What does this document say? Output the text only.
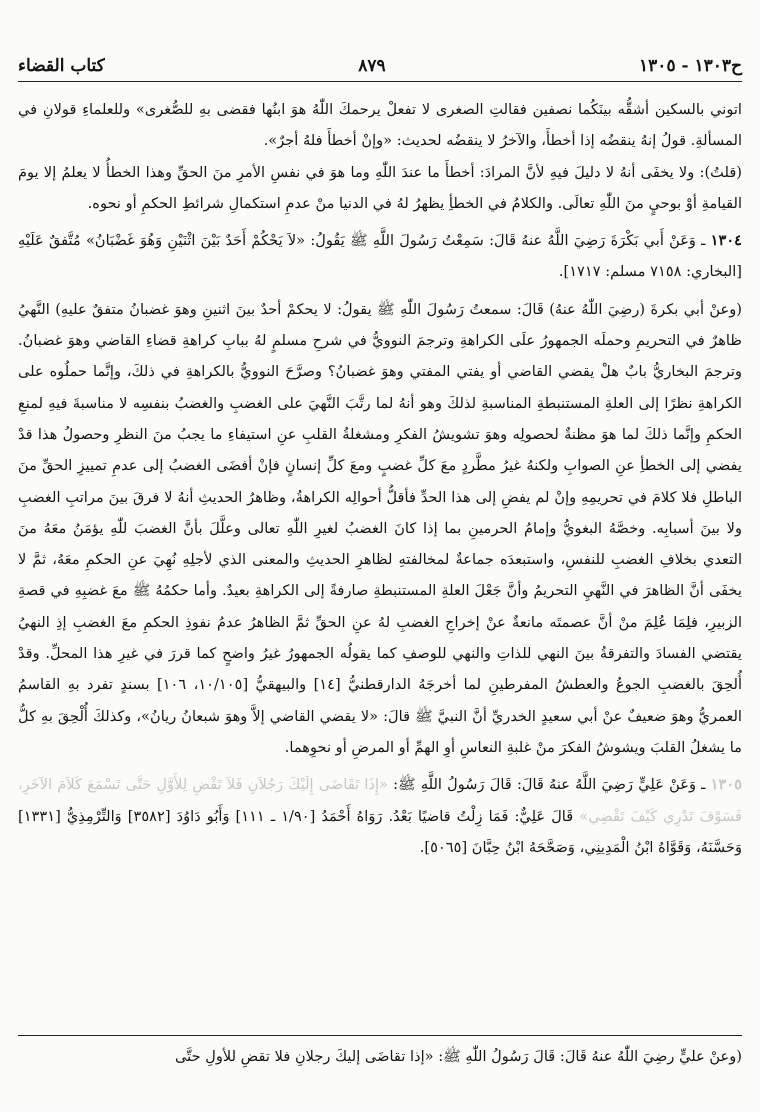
كتاب القضاء	٨٧٩	ح١٣٠٣ - ١٣٠٥

اتوني بالسكين أشقُّه بينَكُما نصفين فقالتِ الصغرى لا تفعلْ يرحمكَ اللّٰهُ هوَ ابنُها فقضى بهِ للصُّغرى» وللعلماءِ قولانِ في المسألةِ. قولُ إنهُ ينقضُه إذا أخطأَ، والآخرُ لا ينقضُه لحديث: «وإنْ أخطأَ فلهُ أجرٌ».

(قلتُ): ولا يخفَى أنهُ لا دليلَ فيهِ لأنَّ المرادَ: أخطأَ ما عندَ اللّٰهِ وما هوَ في نفسِ الأمرِ منَ الحقِّ وهذا الخطأُ لا يعلمُ إلا يومَ القيامةِ أوْ بوحيٍ منَ اللّٰهِ تعالَى. والكلامُ في الخطأِ يظهرُ لهُ في الدنيا منْ عدمِ استكمالِ شرائطِ الحكمِ أو نحوه.

١٣٠٤ ـ وَعَنْ أَبي بَكْرَةَ رَضِيَ اللَّهُ عنهُ قَالَ: سَمِعْتُ رَسُولَ اللَّهِ ﷺ يَقُولُ: «لاَ يَحْكُمْ أَحَدٌ بَيْنَ اثْنَيْنِ وَهُوَ غَضْبَانُ» مُتَّفقٌ عَلَيْهِ [البخاري: ٧١٥٨ مسلم: ١٧١٧].

(وعنْ أبي بكرةَ (رضِيَ اللّٰهُ عنهُ) قَالَ: سمعتُ رَسُولَ اللّٰهِ ﷺ يقولُ: لا يحكمْ أحدٌ بينَ اثنينِ وهوَ غضبانُ متفقٌ عليهِ) النَّهيُ ظاهرٌ في التحريمِ وحملَه الجمهورُ علَى الكراهةِ وترجمَ النوويُّ في شرحِ مسلمٍ لهُ ببابِ كراهةِ قضاءِ القاضي وهوَ غضبانُ. وترجمَ البخاريُّ بابٌ هلْ يقضي القاضي أو يفتي المفتي وهوَ غضبانُ؟ وصرَّحَ النوويُّ بالكراهةِ في ذلكَ، وإنَّما حملُوه على الكراهةِ نظرًا إلى العلةِ المستنبطةِ المناسبةِ لذلكَ وهو أنهُ لما رتَّبَ النَّهيَ على الغضبِ والغضبُ بنفسِه لا مناسبةَ فيهِ لمنعِ الحكمِ وإنَّما ذلكَ لما هوَ مظنةٌ لحصولِه وهوَ تشويشُ الفكرِ ومشغلةُ القلبِ عنِ استيفاءِ ما يجبُ منَ النظرِ وحصولُ هذا قدْ يفضي إلى الخطأِ عنِ الصوابِ ولكنهُ غيرُ مطَّردٍ معَ كلِّ غضبٍ ومعَ كلِّ إنسانٍ فإنْ أفضَى الغضبُ إلى عدمِ تمييزِ الحقِّ منَ الباطلِ فلا كلامَ في تحريمِهِ وإنْ لم يفضِ إلى هذا الحدِّ فأقلُّ أحوالِه الكراهةُ، وظاهرُ الحديثِ أنهُ لا فرقَ بينَ مراتبِ الغضبِ ولا بينَ أسبابِه. وخصَّهُ البغويُّ وإمامُ الحرمينِ بما إذا كانَ الغضبُ لغيرِ اللّٰهِ تعالى وعلَّلَ بأنَّ الغضبَ للّٰهِ يؤمَنُ معَهُ منَ التعدي بخلافِ الغضبِ للنفسِ، واستبعدَه جماعةٌ لمخالفتهِ لظاهرِ الحديثِ والمعنى الذي لأجلِهِ نُهِيَ عنِ الحكمِ معَهُ، ثمَّ لا يخفَى أنَّ الظاهرَ في النَّهيِ التحريمُ وأنَّ جَعْلَ العلةِ المستنبطةِ صارفةً إلى الكراهةِ بعيدٌ. وأما حكمُهُ ﷺ معَ غضبِهِ في قصةِ الزبيرِ، فلِمَا عُلِمَ منْ أنَّ عصمتَه مانعةٌ عنْ إخراجِ الغضبِ لهُ عنِ الحقِّ ثمَّ الظاهرُ عدمُ نفوذِ الحكمِ معَ الغضبِ إذِ النهيُ يقتضي الفسادَ والتفرقةُ بينَ النهي للذاتِ والنهي للوصفِ كما يقولُه الجمهورُ غيرُ واضحٍ كما قررَ في غيرِ هذا المحلِّ. وقدْ أُلحِقَ بالغضبِ الجوعُ والعطشُ المفرطينِ لما أخرجَهُ الدارقطنيُّ [١٤] والبيهقيُّ [١٠/١٠٥، ١٠٦] بسندٍ تفرد بهِ القاسمُ العمريُّ وهوَ ضعيفٌ عنْ أبي سعيدٍ الخدريِّ أنَّ النبيَّ ﷺ قالَ: «لا يقضي القاضي إلاَّ وهوَ شبعانُ ريانُ»، وكذلكَ أُلْحِقَ بهِ كلُّ ما يشغلُ القلبَ ويشوشُ الفكرَ منْ غلبةِ النعاسِ أوِ الهمِّ أو المرضِ أو نحوِهما.

١٣٠٥ ـ وَعَنْ عَلِيٍّ رَضِيَ اللَّهُ عنهُ قَالَ: قَالَ رَسُولُ اللَّهِ ﷺ: «إِذَا تَقَاضَى إِلَيْكَ رَجُلاَنِ فَلاَ تَقْضِ لِلأَوَّلِ حَتَّى تَسْمَعَ كَلاَمَ الآخَرِ، فَسَوْفَ تَدْرِي كَيْفَ تَقْضِي» قَالَ عَلِيٌّ: فَمَا زِلْتُ قاضيًا بَعْدُ. رَوَاهُ أَحْمَدُ [١/٩٠ ـ ١١١] وَأَبُو دَاوُدَ [٣٥٨٢] وَالتِّرْمِذِيُّ [١٣٣١] وَحَسَّنَهُ، وَقَوَّاهُ ابْنُ الْمَدِينِي، وَصَحَّحَهُ ابْنُ حِبَّانَ [٥٠٦٥].

(وعنْ عليٍّ رضِيَ اللّٰهُ عنهُ قَالَ: قَالَ رَسُولُ اللّٰهِ ﷺ: «إذا تقاضَى إليكَ رجلانِ فلا تقضِ للأولِ حتَّى
